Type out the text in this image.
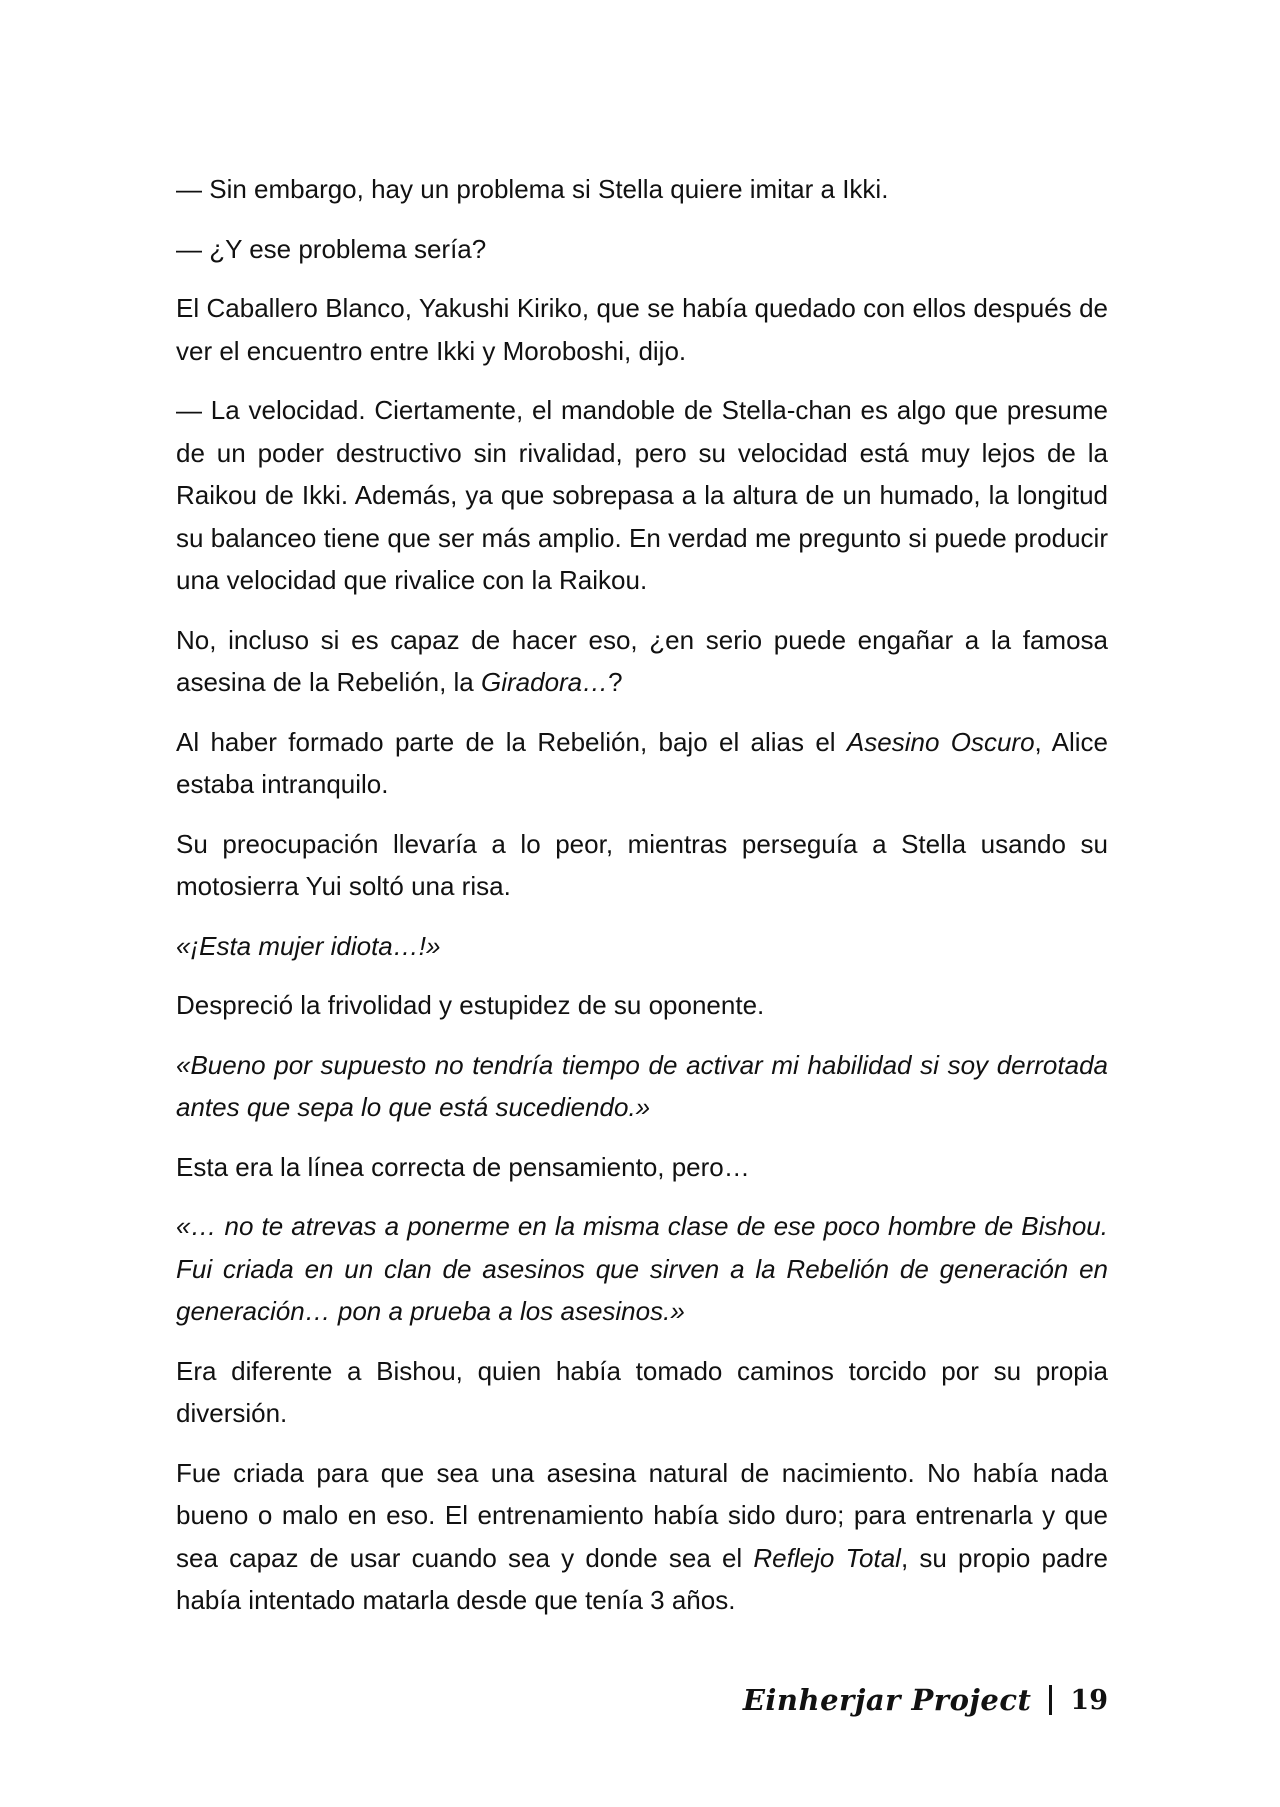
— Sin embargo, hay un problema si Stella quiere imitar a Ikki.

— ¿Y ese problema sería?

El Caballero Blanco, Yakushi Kiriko, que se había quedado con ellos después de ver el encuentro entre Ikki y Moroboshi, dijo.

— La velocidad. Ciertamente, el mandoble de Stella-chan es algo que presume de un poder destructivo sin rivalidad, pero su velocidad está muy lejos de la Raikou de Ikki. Además, ya que sobrepasa a la altura de un humado, la longitud su balanceo tiene que ser más amplio. En verdad me pregunto si puede producir una velocidad que rivalice con la Raikou.

No, incluso si es capaz de hacer eso, ¿en serio puede engañar a la famosa asesina de la Rebelión, la Giradora…?

Al haber formado parte de la Rebelión, bajo el alias el Asesino Oscuro, Alice estaba intranquilo.

Su preocupación llevaría a lo peor, mientras perseguía a Stella usando su motosierra Yui soltó una risa.

«¡Esta mujer idiota…!»

Despreció la frivolidad y estupidez de su oponente.

«Bueno por supuesto no tendría tiempo de activar mi habilidad si soy derrotada antes que sepa lo que está sucediendo.»

Esta era la línea correcta de pensamiento, pero…

«… no te atrevas a ponerme en la misma clase de ese poco hombre de Bishou. Fui criada en un clan de asesinos que sirven a la Rebelión de generación en generación… pon a prueba a los asesinos.»

Era diferente a Bishou, quien había tomado caminos torcido por su propia diversión.

Fue criada para que sea una asesina natural de nacimiento. No había nada bueno o malo en eso. El entrenamiento había sido duro; para entrenarla y que sea capaz de usar cuando sea y donde sea el Reflejo Total, su propio padre había intentado matarla desde que tenía 3 años.

Einherjar Project 19
